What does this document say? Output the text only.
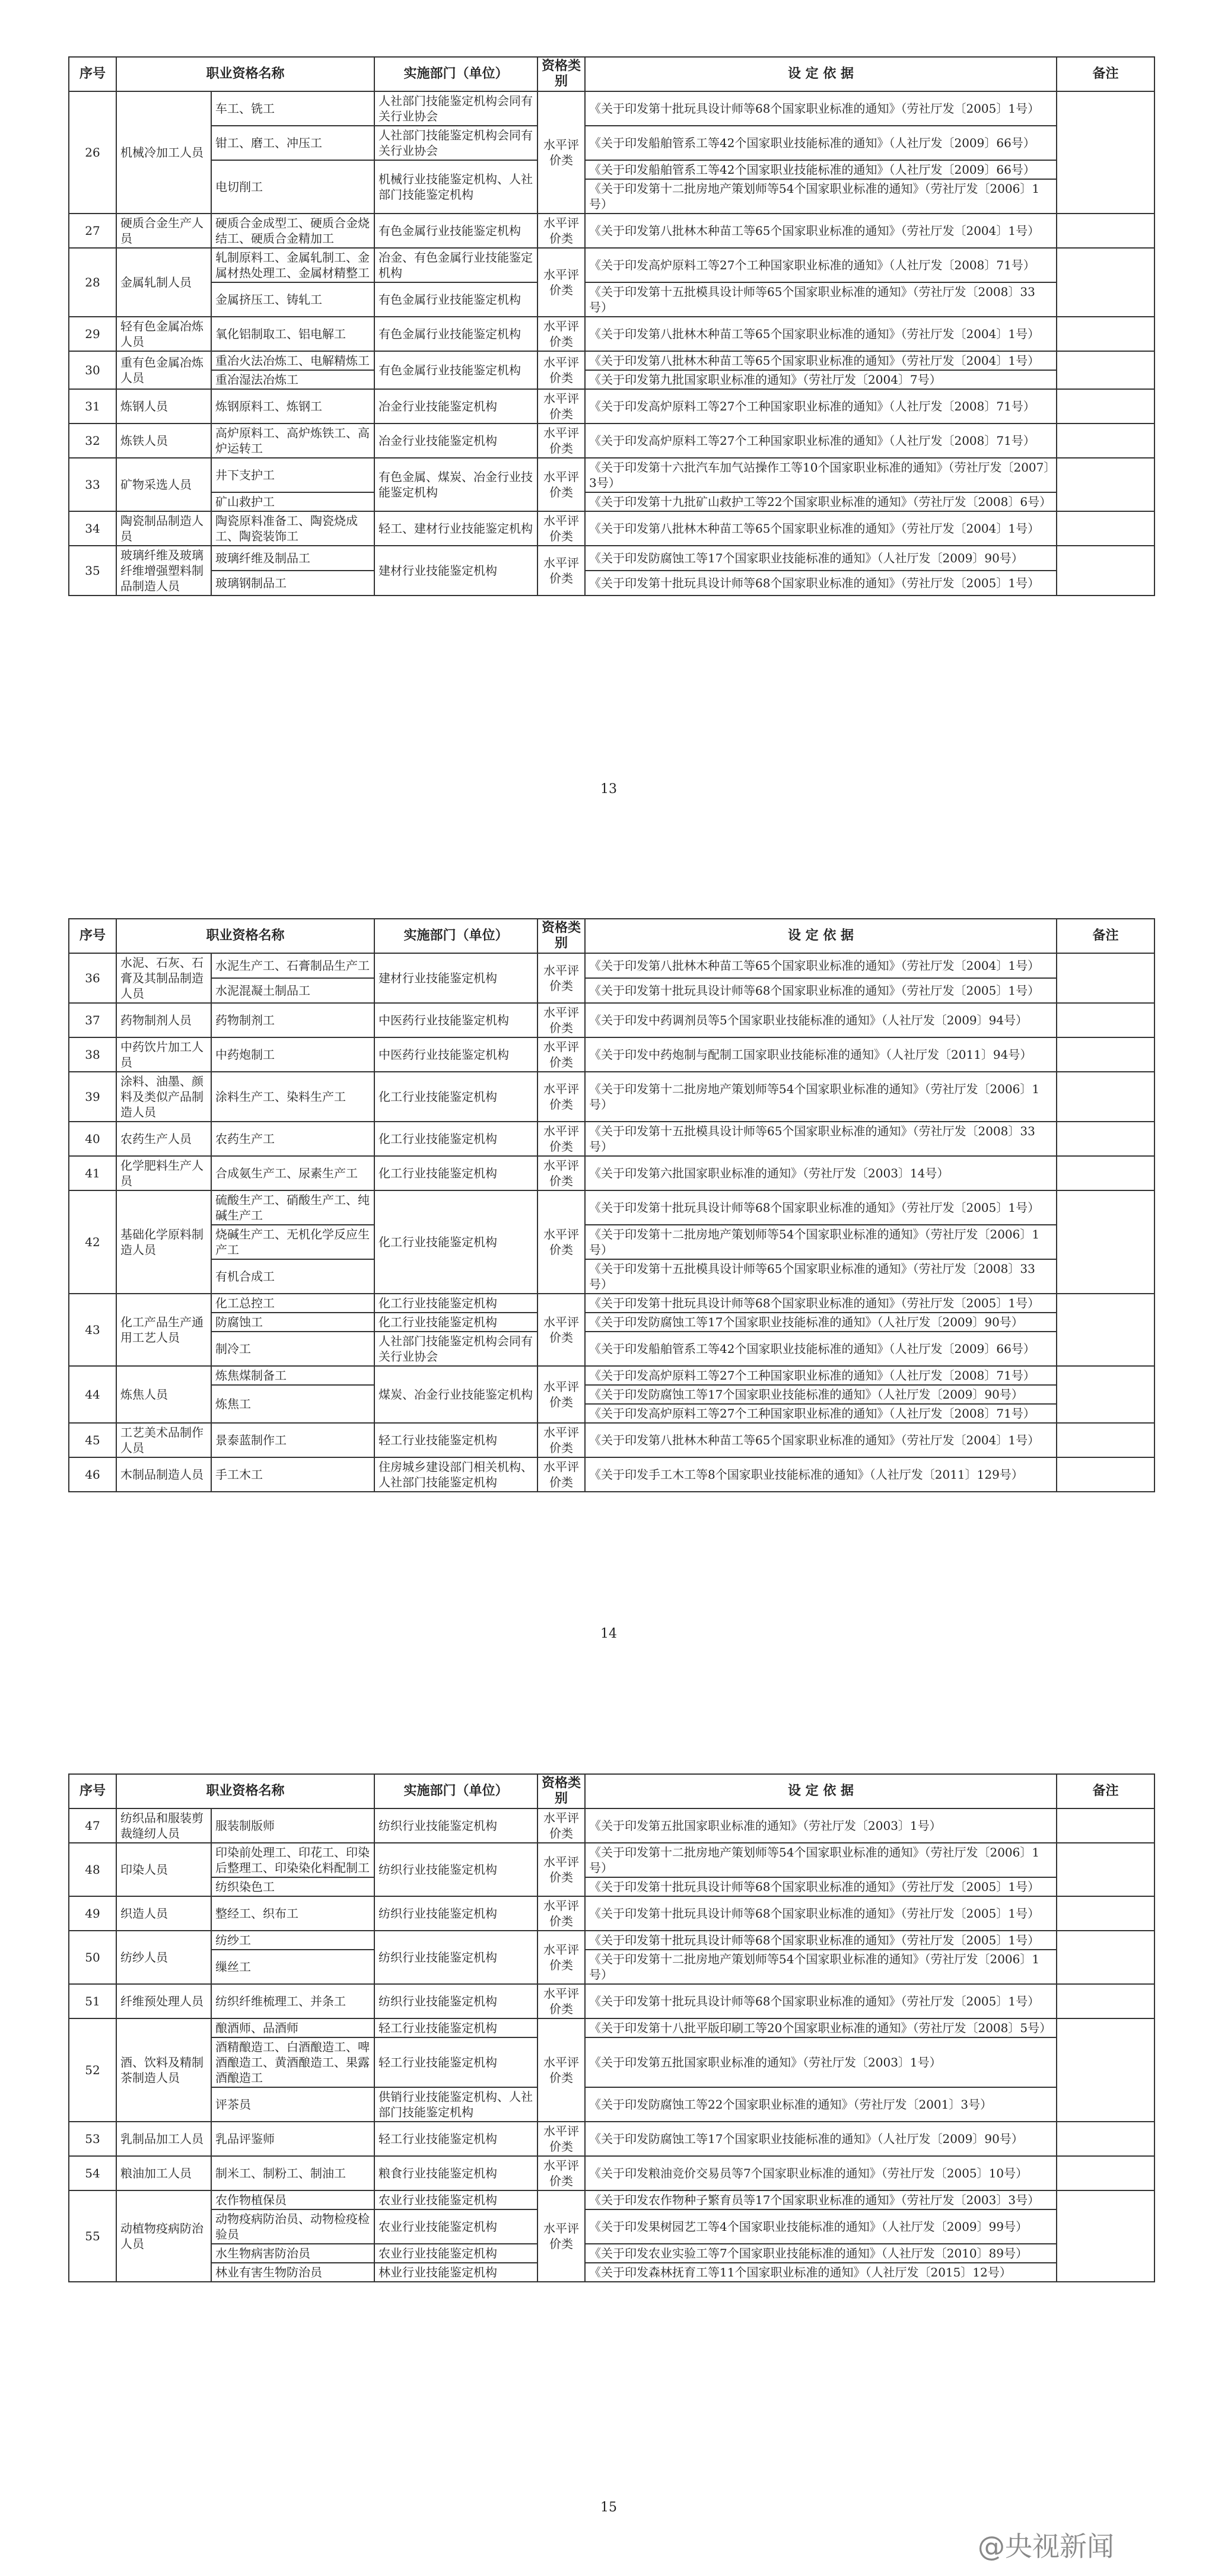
序号	职业资格名称		实施部门（单位）	资格类别	设 定 依 据	备注
26	机械冷加工人员	车工、铣工	人社部门技能鉴定机构会同有关行业协会	水平评价类	《关于印发第十批玩具设计师等68个国家职业标准的通知》（劳社厅发〔2005〕1号）	
		钳工、磨工、冲压工	人社部门技能鉴定机构会同有关行业协会		《关于印发船舶管系工等42个国家职业技能标准的通知》（人社厅发〔2009〕66号）	
		电切削工	机械行业技能鉴定机构、人社部门技能鉴定机构		《关于印发船舶管系工等42个国家职业技能标准的通知》（人社厅发〔2009〕66号）	
					《关于印发第十二批房地产策划师等54个国家职业标准的通知》（劳社厅发〔2006〕1号）	
27	硬质合金生产人员	硬质合金成型工、硬质合金烧结工、硬质合金精加工	有色金属行业技能鉴定机构	水平评价类	《关于印发第八批林木种苗工等65个国家职业标准的通知》（劳社厅发〔2004〕1号）	
28	金属轧制人员	轧制原料工、金属轧制工、金属材热处理工、金属材精整工	冶金、有色金属行业技能鉴定机构	水平评价类	《关于印发高炉原料工等27个工种国家职业标准的通知》（人社厅发〔2008〕71号）	
		金属挤压工、铸轧工	有色金属行业技能鉴定机构		《关于印发第十五批模具设计师等65个国家职业标准的通知》（劳社厅发〔2008〕33号）	
29	轻有色金属冶炼人员	氧化铝制取工、铝电解工	有色金属行业技能鉴定机构	水平评价类	《关于印发第八批林木种苗工等65个国家职业标准的通知》（劳社厅发〔2004〕1号）	
30	重有色金属冶炼人员	重冶火法冶炼工、电解精炼工	有色金属行业技能鉴定机构	水平评价类	《关于印发第八批林木种苗工等65个国家职业标准的通知》（劳社厅发〔2004〕1号）	
		重冶湿法冶炼工			《关于印发第九批国家职业标准的通知》（劳社厅发〔2004〕7号）	
31	炼钢人员	炼钢原料工、炼钢工	冶金行业技能鉴定机构	水平评价类	《关于印发高炉原料工等27个工种国家职业标准的通知》（人社厅发〔2008〕71号）	
32	炼铁人员	高炉原料工、高炉炼铁工、高炉运转工	冶金行业技能鉴定机构	水平评价类	《关于印发高炉原料工等27个工种国家职业标准的通知》（人社厅发〔2008〕71号）	
33	矿物采选人员	井下支护工	有色金属、煤炭、冶金行业技能鉴定机构	水平评价类	《关于印发第十六批汽车加气站操作工等10个国家职业标准的通知》（劳社厅发〔2007〕3号）	
		矿山救护工			《关于印发第十九批矿山救护工等22个国家职业标准的通知》（劳社厅发〔2008〕6号）	
34	陶瓷制品制造人员	陶瓷原料准备工、陶瓷烧成工、陶瓷装饰工	轻工、建材行业技能鉴定机构	水平评价类	《关于印发第八批林木种苗工等65个国家职业标准的通知》（劳社厅发〔2004〕1号）	
35	玻璃纤维及玻璃纤维增强塑料制品制造人员	玻璃纤维及制品工	建材行业技能鉴定机构	水平评价类	《关于印发防腐蚀工等17个国家职业技能标准的通知》（人社厅发〔2009〕90号）	
		玻璃钢制品工			《关于印发第十批玩具设计师等68个国家职业标准的通知》（劳社厅发〔2005〕1号）	
13
序号	职业资格名称		实施部门（单位）	资格类别	设 定 依 据	备注
36	水泥、石灰、石膏及其制品制造人员	水泥生产工、石膏制品生产工	建材行业技能鉴定机构	水平评价类	《关于印发第八批林木种苗工等65个国家职业标准的通知》（劳社厅发〔2004〕1号）	
		水泥混凝土制品工			《关于印发第十批玩具设计师等68个国家职业标准的通知》（劳社厅发〔2005〕1号）	
37	药物制剂人员	药物制剂工	中医药行业技能鉴定机构	水平评价类	《关于印发中药调剂员等5个国家职业技能标准的通知》（人社厅发〔2009〕94号）	
38	中药饮片加工人员	中药炮制工	中医药行业技能鉴定机构	水平评价类	《关于印发中药炮制与配制工国家职业技能标准的通知》（人社厅发〔2011〕94号）	
39	涂料、油墨、颜料及类似产品制造人员	涂料生产工、染料生产工	化工行业技能鉴定机构	水平评价类	《关于印发第十二批房地产策划师等54个国家职业标准的通知》（劳社厅发〔2006〕1号）	
40	农药生产人员	农药生产工	化工行业技能鉴定机构	水平评价类	《关于印发第十五批模具设计师等65个国家职业标准的通知》（劳社厅发〔2008〕33号）	
41	化学肥料生产人员	合成氨生产工、尿素生产工	化工行业技能鉴定机构	水平评价类	《关于印发第六批国家职业标准的通知》（劳社厅发〔2003〕14号）	
42	基础化学原料制造人员	硫酸生产工、硝酸生产工、纯碱生产工	化工行业技能鉴定机构	水平评价类	《关于印发第十批玩具设计师等68个国家职业标准的通知》（劳社厅发〔2005〕1号）	
		烧碱生产工、无机化学反应生产工			《关于印发第十二批房地产策划师等54个国家职业标准的通知》（劳社厅发〔2006〕1号）	
		有机合成工			《关于印发第十五批模具设计师等65个国家职业标准的通知》（劳社厅发〔2008〕33号）	
43	化工产品生产通用工艺人员	化工总控工	化工行业技能鉴定机构	水平评价类	《关于印发第十批玩具设计师等68个国家职业标准的通知》（劳社厅发〔2005〕1号）	
		防腐蚀工	化工行业技能鉴定机构		《关于印发防腐蚀工等17个国家职业技能标准的通知》（人社厅发〔2009〕90号）	
		制冷工	人社部门技能鉴定机构会同有关行业协会		《关于印发船舶管系工等42个国家职业技能标准的通知》（人社厅发〔2009〕66号）	
44	炼焦人员	炼焦煤制备工	煤炭、冶金行业技能鉴定机构	水平评价类	《关于印发高炉原料工等27个工种国家职业标准的通知》（人社厅发〔2008〕71号）	
		炼焦工			《关于印发防腐蚀工等17个国家职业技能标准的通知》（人社厅发〔2009〕90号）	
					《关于印发高炉原料工等27个工种国家职业标准的通知》（人社厅发〔2008〕71号）	
45	工艺美术品制作人员	景泰蓝制作工	轻工行业技能鉴定机构	水平评价类	《关于印发第八批林木种苗工等65个国家职业标准的通知》（劳社厅发〔2004〕1号）	
46	木制品制造人员	手工木工	住房城乡建设部门相关机构、人社部门技能鉴定机构	水平评价类	《关于印发手工木工等8个国家职业技能标准的通知》（人社厅发〔2011〕129号）	
14
序号	职业资格名称		实施部门（单位）	资格类别	设 定 依 据	备注
47	纺织品和服装剪裁缝纫人员	服装制版师	纺织行业技能鉴定机构	水平评价类	《关于印发第五批国家职业标准的通知》（劳社厅发〔2003〕1号）	
48	印染人员	印染前处理工、印花工、印染后整理工、印染染化料配制工	纺织行业技能鉴定机构	水平评价类	《关于印发第十二批房地产策划师等54个国家职业标准的通知》（劳社厅发〔2006〕1号）	
		纺织染色工			《关于印发第十批玩具设计师等68个国家职业标准的通知》（劳社厅发〔2005〕1号）	
49	织造人员	整经工、织布工	纺织行业技能鉴定机构	水平评价类	《关于印发第十批玩具设计师等68个国家职业标准的通知》（劳社厅发〔2005〕1号）	
50	纺纱人员	纺纱工	纺织行业技能鉴定机构	水平评价类	《关于印发第十批玩具设计师等68个国家职业标准的通知》（劳社厅发〔2005〕1号）	
		缫丝工			《关于印发第十二批房地产策划师等54个国家职业标准的通知》（劳社厅发〔2006〕1号）	
51	纤维预处理人员	纺织纤维梳理工、并条工	纺织行业技能鉴定机构	水平评价类	《关于印发第十批玩具设计师等68个国家职业标准的通知》（劳社厅发〔2005〕1号）	
52	酒、饮料及精制茶制造人员	酿酒师、品酒师	轻工行业技能鉴定机构	水平评价类	《关于印发第十八批平版印刷工等20个国家职业标准的通知》（劳社厅发〔2008〕5号）	
		酒精酿造工、白酒酿造工、啤酒酿造工、黄酒酿造工、果露酒酿造工	轻工行业技能鉴定机构		《关于印发第五批国家职业标准的通知》（劳社厅发〔2003〕1号）	
		评茶员	供销行业技能鉴定机构、人社部门技能鉴定机构		《关于印发防腐蚀工等22个国家职业标准的通知》（劳社厅发〔2001〕3号）	
53	乳制品加工人员	乳品评鉴师	轻工行业技能鉴定机构	水平评价类	《关于印发防腐蚀工等17个国家职业技能标准的通知》（人社厅发〔2009〕90号）	
54	粮油加工人员	制米工、制粉工、制油工	粮食行业技能鉴定机构	水平评价类	《关于印发粮油竞价交易员等7个国家职业标准的通知》（劳社厅发〔2005〕10号）	
55	动植物疫病防治人员	农作物植保员	农业行业技能鉴定机构	水平评价类	《关于印发农作物种子繁育员等17个国家职业标准的通知》（劳社厅发〔2003〕3号）	
		动物疫病防治员、动物检疫检验员	农业行业技能鉴定机构		《关于印发果树园艺工等4个国家职业技能标准的通知》（人社厅发〔2009〕99号）	
		水生物病害防治员	农业行业技能鉴定机构		《关于印发农业实验工等7个国家职业技能标准的通知》（人社厅发〔2010〕89号）	
		林业有害生物防治员	林业行业技能鉴定机构		《关于印发森林抚育工等11个国家职业标准的通知》（人社厅发〔2015〕12号）	
15
@央视新闻
